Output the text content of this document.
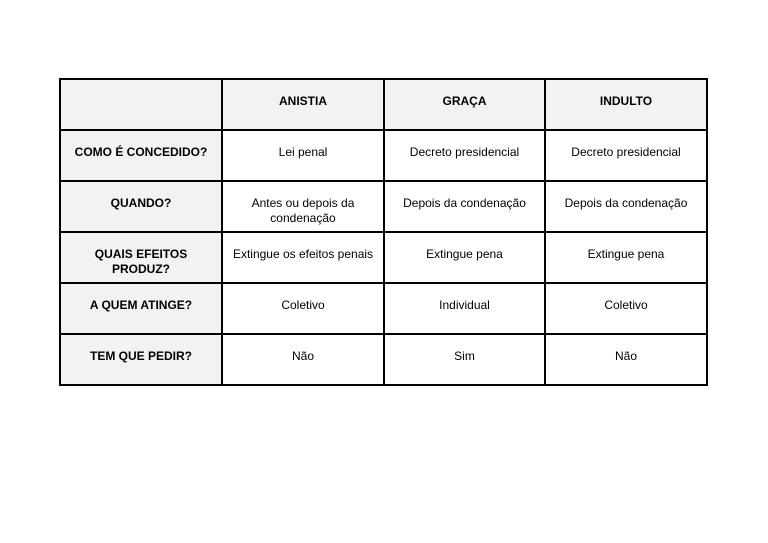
	ANISTIA	GRAÇA	INDULTO

COMO É CONCEDIDO?	Lei penal	Decreto presidencial	Decreto presidencial

QUANDO?	Antes ou depois da condenação	Depois da condenação	Depois da condenação

QUAIS EFEITOS PRODUZ?	Extingue os efeitos penais	Extingue pena	Extingue pena

A QUEM ATINGE?	Coletivo	Individual	Coletivo

TEM QUE PEDIR?	Não	Sim	Não
